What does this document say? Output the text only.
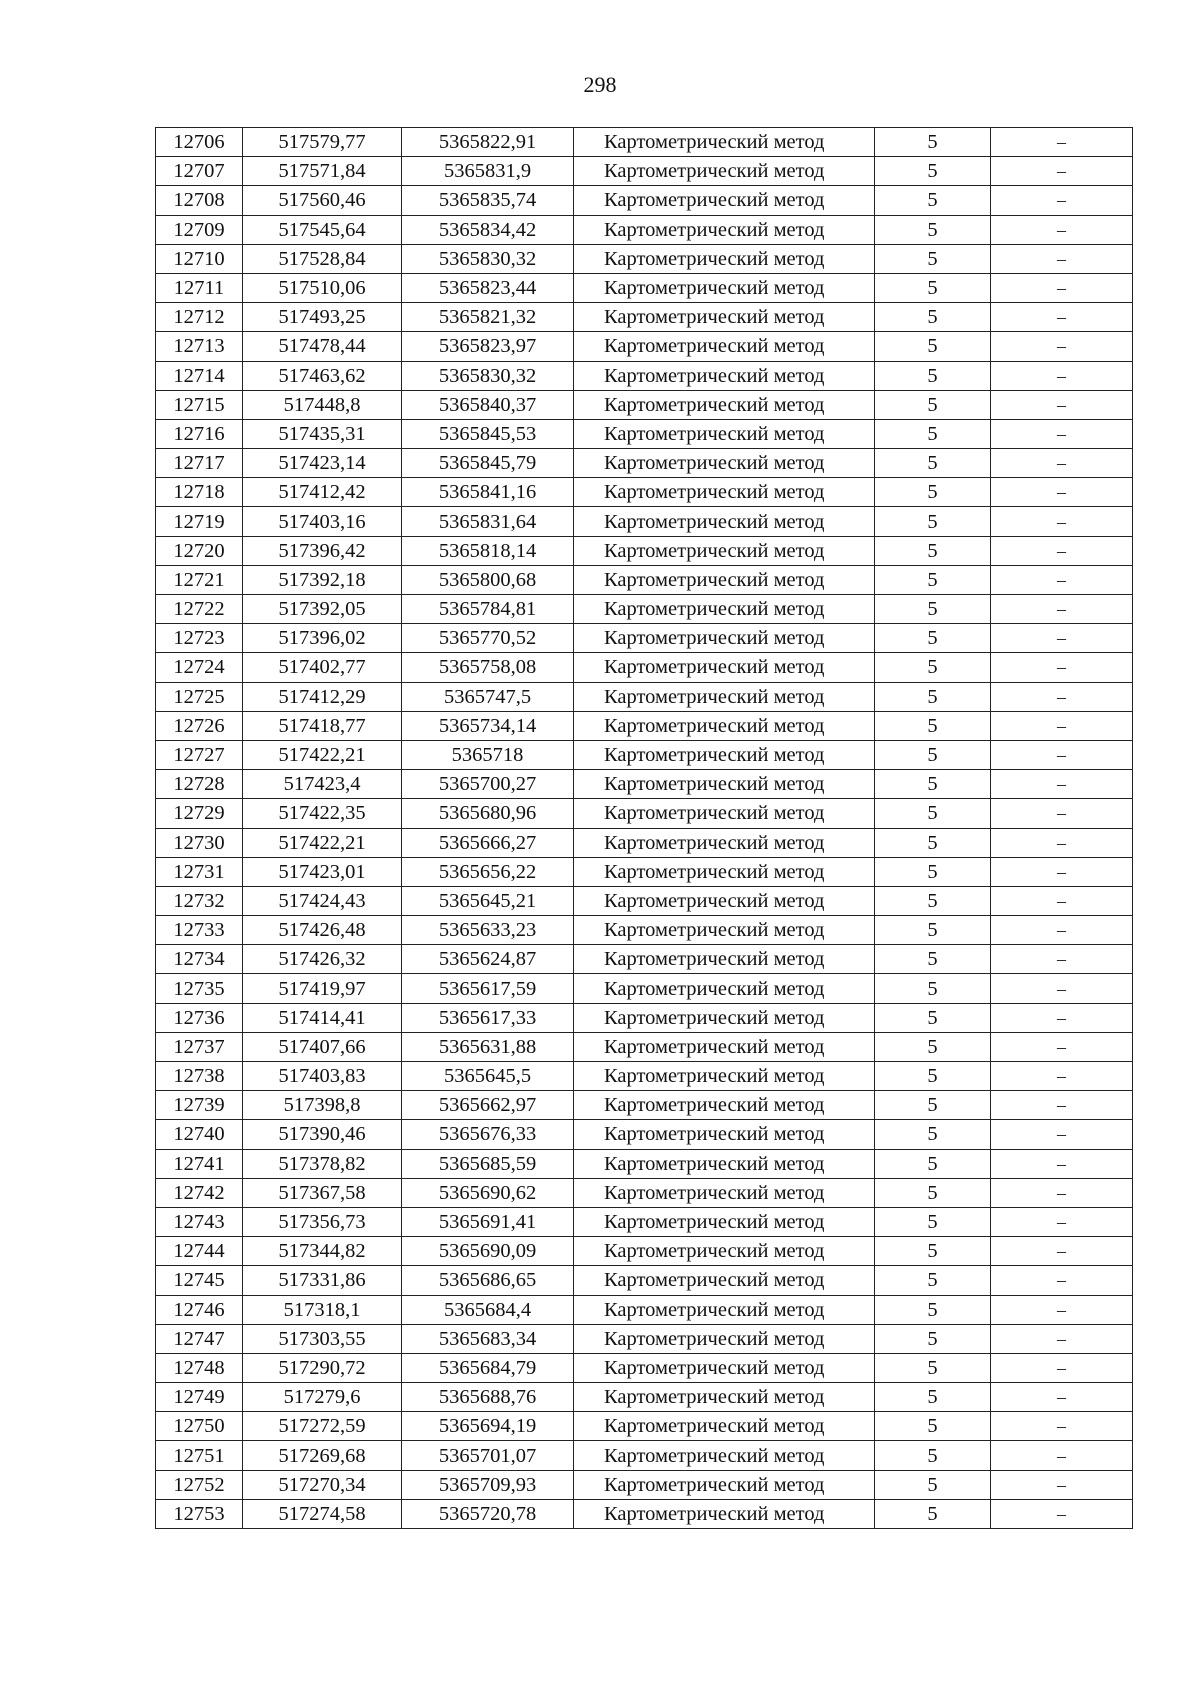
298
12706	517579,77	5365822,91	Картометрический метод	5	–
12707	517571,84	5365831,9	Картометрический метод	5	–
12708	517560,46	5365835,74	Картометрический метод	5	–
12709	517545,64	5365834,42	Картометрический метод	5	–
12710	517528,84	5365830,32	Картометрический метод	5	–
12711	517510,06	5365823,44	Картометрический метод	5	–
12712	517493,25	5365821,32	Картометрический метод	5	–
12713	517478,44	5365823,97	Картометрический метод	5	–
12714	517463,62	5365830,32	Картометрический метод	5	–
12715	517448,8	5365840,37	Картометрический метод	5	–
12716	517435,31	5365845,53	Картометрический метод	5	–
12717	517423,14	5365845,79	Картометрический метод	5	–
12718	517412,42	5365841,16	Картометрический метод	5	–
12719	517403,16	5365831,64	Картометрический метод	5	–
12720	517396,42	5365818,14	Картометрический метод	5	–
12721	517392,18	5365800,68	Картометрический метод	5	–
12722	517392,05	5365784,81	Картометрический метод	5	–
12723	517396,02	5365770,52	Картометрический метод	5	–
12724	517402,77	5365758,08	Картометрический метод	5	–
12725	517412,29	5365747,5	Картометрический метод	5	–
12726	517418,77	5365734,14	Картометрический метод	5	–
12727	517422,21	5365718	Картометрический метод	5	–
12728	517423,4	5365700,27	Картометрический метод	5	–
12729	517422,35	5365680,96	Картометрический метод	5	–
12730	517422,21	5365666,27	Картометрический метод	5	–
12731	517423,01	5365656,22	Картометрический метод	5	–
12732	517424,43	5365645,21	Картометрический метод	5	–
12733	517426,48	5365633,23	Картометрический метод	5	–
12734	517426,32	5365624,87	Картометрический метод	5	–
12735	517419,97	5365617,59	Картометрический метод	5	–
12736	517414,41	5365617,33	Картометрический метод	5	–
12737	517407,66	5365631,88	Картометрический метод	5	–
12738	517403,83	5365645,5	Картометрический метод	5	–
12739	517398,8	5365662,97	Картометрический метод	5	–
12740	517390,46	5365676,33	Картометрический метод	5	–
12741	517378,82	5365685,59	Картометрический метод	5	–
12742	517367,58	5365690,62	Картометрический метод	5	–
12743	517356,73	5365691,41	Картометрический метод	5	–
12744	517344,82	5365690,09	Картометрический метод	5	–
12745	517331,86	5365686,65	Картометрический метод	5	–
12746	517318,1	5365684,4	Картометрический метод	5	–
12747	517303,55	5365683,34	Картометрический метод	5	–
12748	517290,72	5365684,79	Картометрический метод	5	–
12749	517279,6	5365688,76	Картометрический метод	5	–
12750	517272,59	5365694,19	Картометрический метод	5	–
12751	517269,68	5365701,07	Картометрический метод	5	–
12752	517270,34	5365709,93	Картометрический метод	5	–
12753	517274,58	5365720,78	Картометрический метод	5	–
